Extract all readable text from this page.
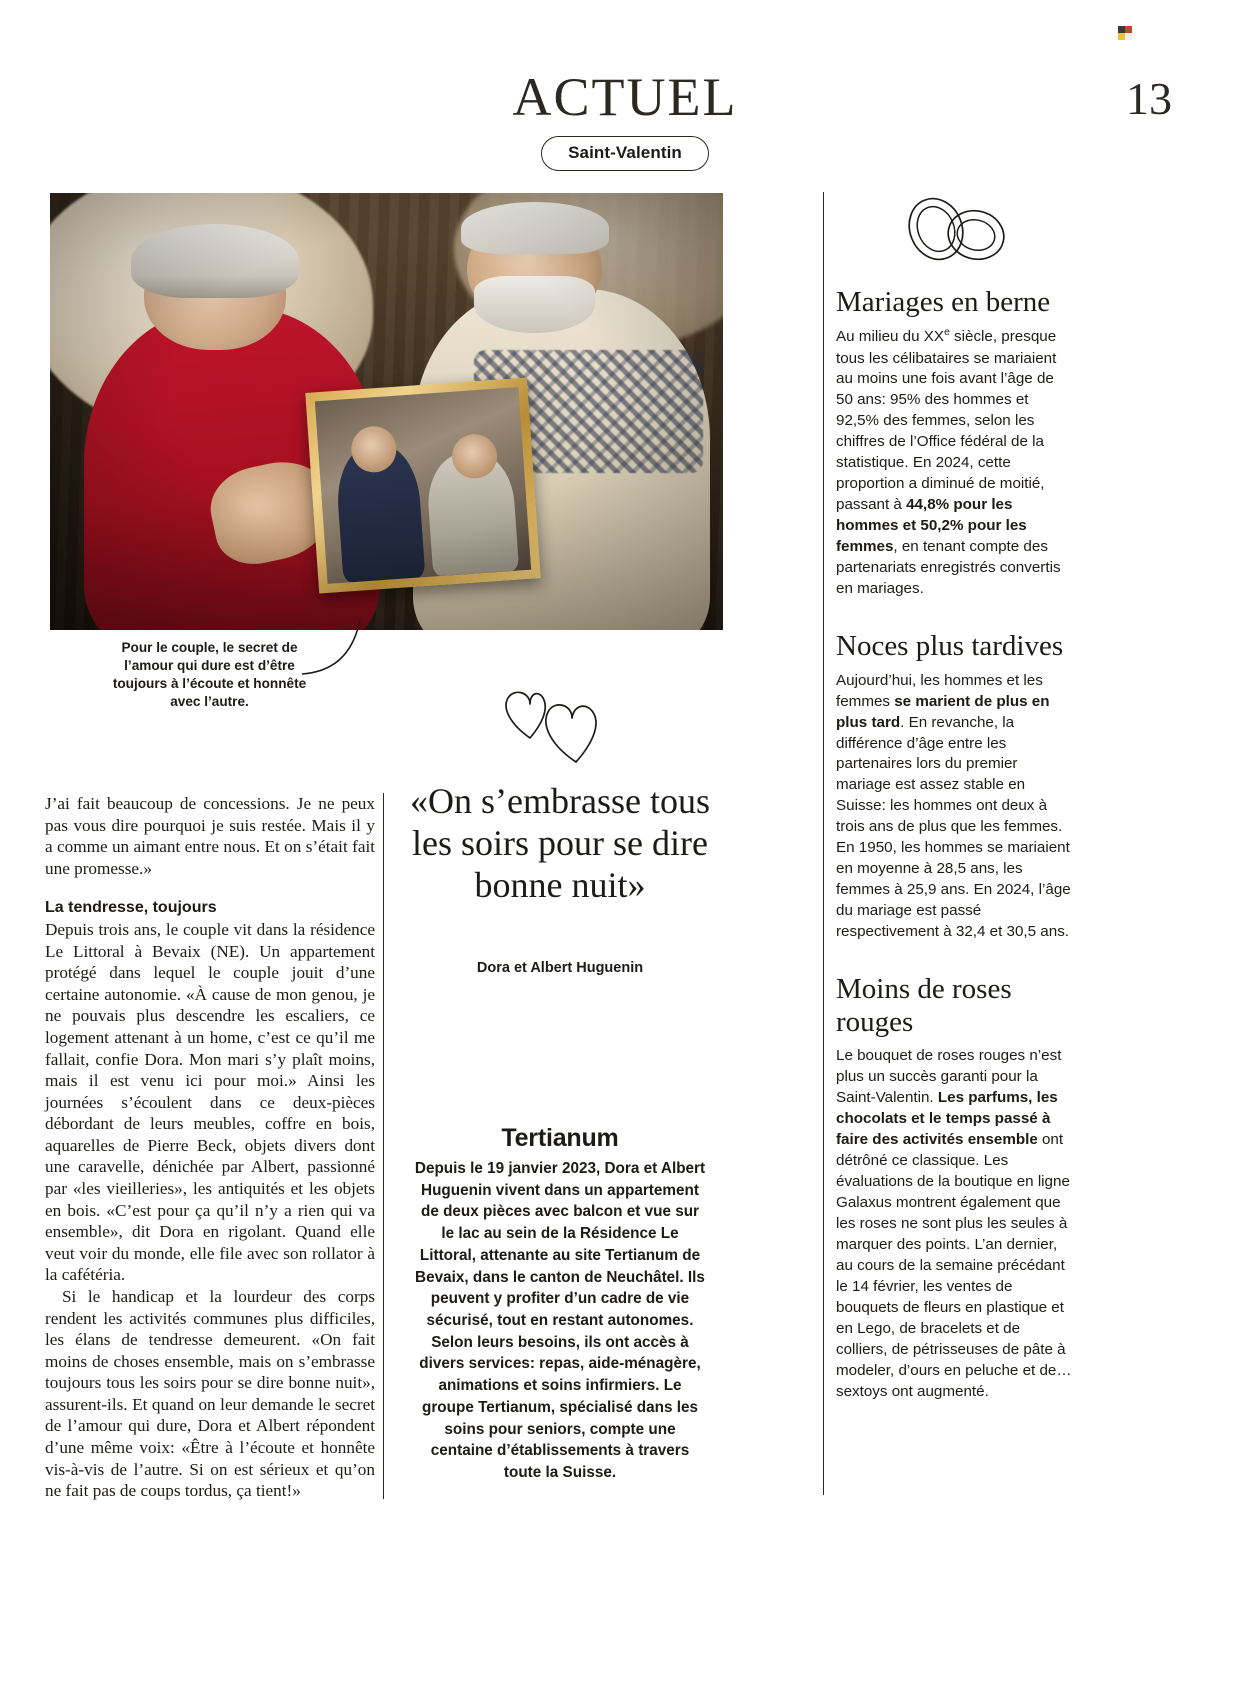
ACTUEL
Saint-Valentin
13
Pour le couple, le secret de l’amour qui dure est d’être toujours à l’écoute et honnête avec l’autre.

J’ai fait beaucoup de concessions. Je ne peux pas vous dire pourquoi je suis restée. Mais il y a comme un aimant entre nous. Et on s’était fait une promesse.»

La tendresse, toujours

Depuis trois ans, le couple vit dans la résidence Le Littoral à Bevaix (NE). Un appartement protégé dans lequel le couple jouit d’une certaine autonomie. «À cause de mon genou, je ne pouvais plus descendre les escaliers, ce logement attenant à un home, c’est ce qu’il me fallait, confie Dora. Mon mari s’y plaît moins, mais il est venu ici pour moi.» Ainsi les journées s’écoulent dans ce deux-pièces débordant de leurs meubles, coffre en bois, aquarelles de Pierre Beck, objets divers dont une caravelle, dénichée par Albert, passionné par «les vieilleries», les antiquités et les objets en bois. «C’est pour ça qu’il n’y a rien qui va ensemble», dit Dora en rigolant. Quand elle veut voir du monde, elle file avec son rollator à la cafétéria.

Si le handicap et la lourdeur des corps rendent les activités communes plus difficiles, les élans de tendresse demeurent. «On fait moins de choses ensemble, mais on s’embrasse toujours tous les soirs pour se dire bonne nuit», assurent-ils. Et quand on leur demande le secret de l’amour qui dure, Dora et Albert répondent d’une même voix: «Être à l’écoute et honnête vis-à-vis de l’autre. Si on est sérieux et qu’on ne fait pas de coups tordus, ça tient!»

«On s’embrasse tous les soirs pour se dire bonne nuit»
Dora et Albert Huguenin
Tertianum
Depuis le 19 janvier 2023, Dora et Albert Huguenin vivent dans un appartement de deux pièces avec balcon et vue sur le lac au sein de la Résidence Le Littoral, attenante au site Tertianum de Bevaix, dans le canton de Neuchâtel. Ils peuvent y profiter d’un cadre de vie sécurisé, tout en restant autonomes. Selon leurs besoins, ils ont accès à divers services: repas, aide-ménagère, animations et soins infirmiers. Le groupe Tertianum, spécialisé dans les soins pour seniors, compte une centaine d’établissements à travers toute la Suisse.
Mariages en berne
Au milieu du XXe siècle, presque tous les célibataires se mariaient au moins une fois avant l’âge de 50 ans: 95% des hommes et 92,5% des femmes, selon les chiffres de l’Office fédéral de la statistique. En 2024, cette proportion a diminué de moitié, passant à 44,8% pour les hommes et 50,2% pour les femmes, en tenant compte des partenariats enregistrés convertis en mariages.
Noces plus tardives
Aujourd’hui, les hommes et les femmes se marient de plus en plus tard. En revanche, la différence d’âge entre les partenaires lors du premier mariage est assez stable en Suisse: les hommes ont deux à trois ans de plus que les femmes. En 1950, les hommes se mariaient en moyenne à 28,5 ans, les femmes à 25,9 ans. En 2024, l’âge du mariage est passé respectivement à 32,4 et 30,5 ans.
Moins de roses rouges
Le bouquet de roses rouges n’est plus un succès garanti pour la Saint-Valentin. Les parfums, les chocolats et le temps passé à faire des activités ensemble ont détrôné ce classique. Les évaluations de la boutique en ligne Galaxus montrent également que les roses ne sont plus les seules à marquer des points. L’an dernier, au cours de la semaine précédant le 14 février, les ventes de bouquets de fleurs en plastique et en Lego, de bracelets et de colliers, de pétrisseuses de pâte à modeler, d’ours en peluche et de… sextoys ont augmenté.
